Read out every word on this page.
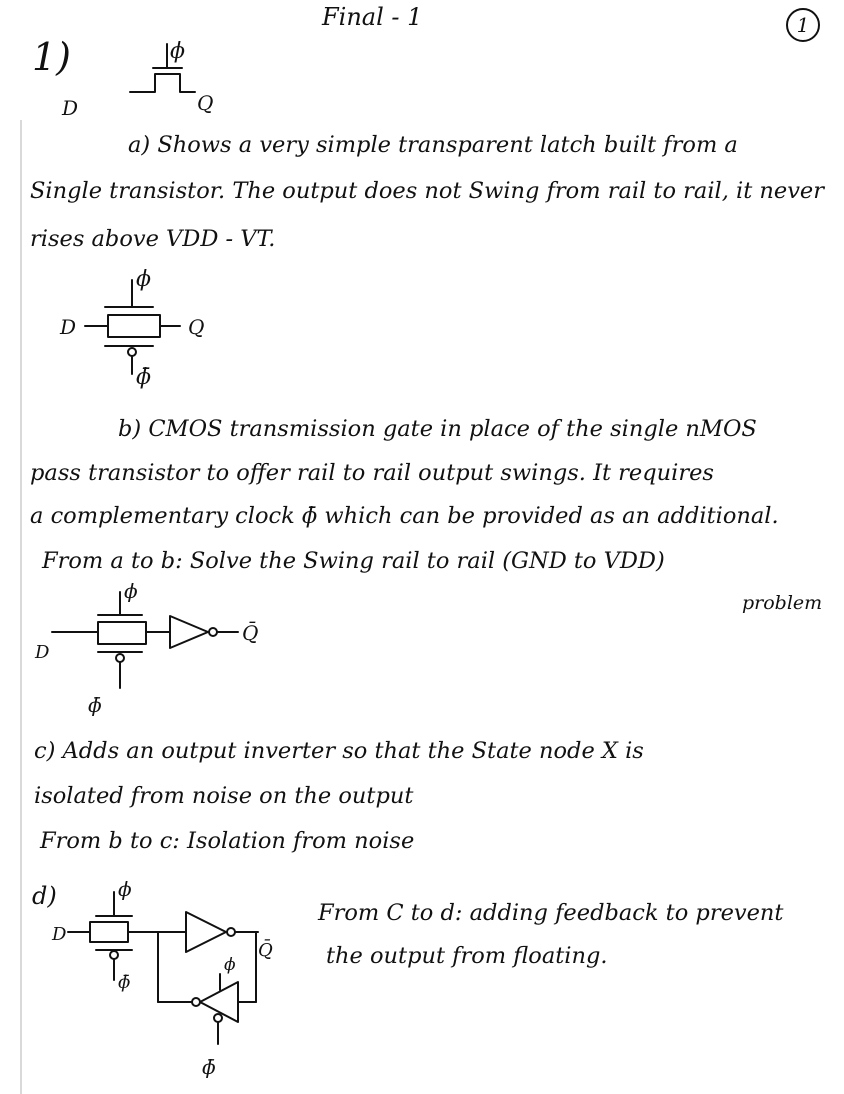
Final - 1	1
1)	ϕ
D	Q
a) Shows a very simple transparent latch built from a
Single transistor. The output does not Swing from rail to rail, it never
rises above VDD - VT.
D	Q
ϕ
ϕ̄
b) CMOS transmission gate in place of the single nMOS
pass transistor to offer rail to rail output swings. It requires
a complementary clock ϕ̄ which can be provided as an additional.
From a to b: Solve the Swing rail to rail (GND to VDD)
problem
D
Q̄
ϕ
ϕ̄
c) Adds an output inverter so that the State node X is
isolated from noise on the output
From b to c: Isolation from noise
d)
D
ϕ
ϕ̄
Q̄
ϕ
ϕ̄
From C to d: adding feedback to prevent
the output from floating.
